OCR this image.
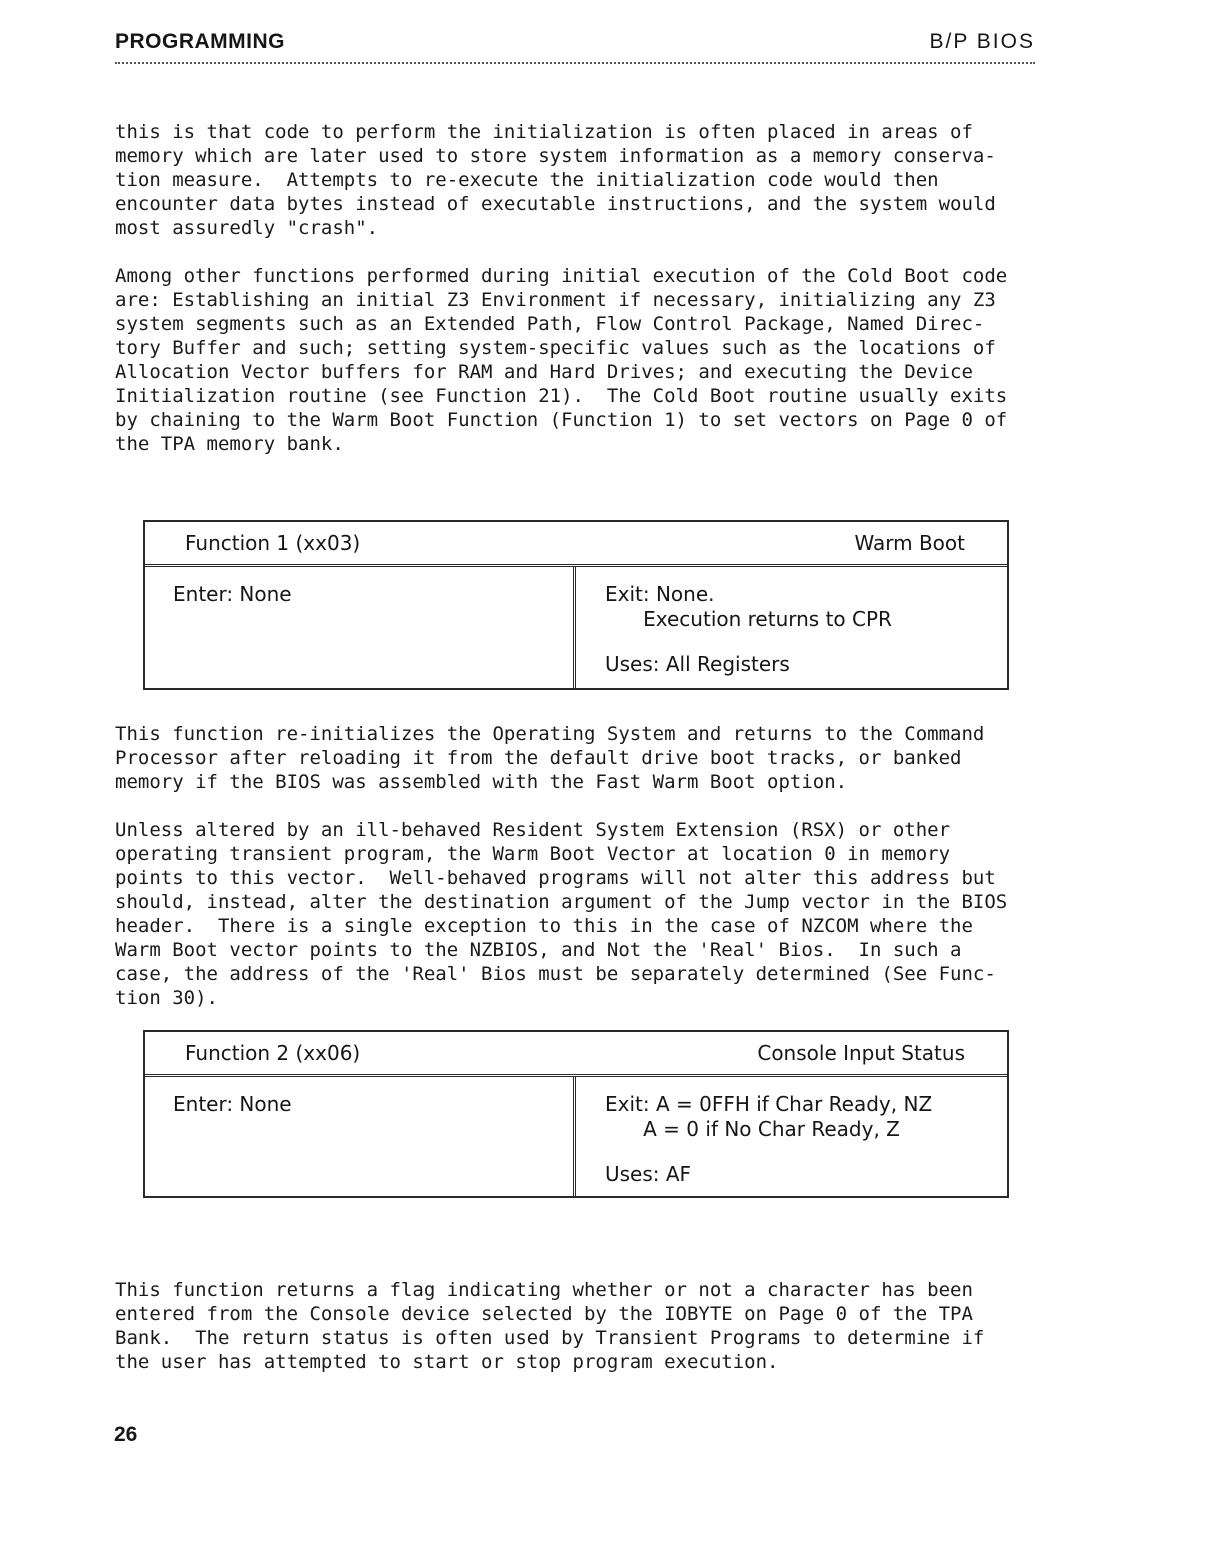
PROGRAMMING	B/P BIOS

this is that code to perform the initialization is often placed in areas of memory which are later used to store system information as a memory conserva-tion measure.  Attempts to re-execute the initialization code would then encounter data bytes instead of executable instructions, and the system would most assuredly "crash".

Among other functions performed during initial execution of the Cold Boot code are: Establishing an initial Z3 Environment if necessary, initializing any Z3 system segments such as an Extended Path, Flow Control Package, Named Direc-tory Buffer and such; setting system-specific values such as the locations of Allocation Vector buffers for RAM and Hard Drives; and executing the Device Initialization routine (see Function 21).  The Cold Boot routine usually exits by chaining to the Warm Boot Function (Function 1) to set vectors on Page 0 of the TPA memory bank.

Function 1 (xx03)	Warm Boot
Enter: None	Exit: None.
Execution returns to CPR
Uses: All Registers

This function re-initializes the Operating System and returns to the Command Processor after reloading it from the default drive boot tracks, or banked memory if the BIOS was assembled with the Fast Warm Boot option.

Unless altered by an ill-behaved Resident System Extension (RSX) or other operating transient program, the Warm Boot Vector at location 0 in memory points to this vector.  Well-behaved programs will not alter this address but should, instead, alter the destination argument of the Jump vector in the BIOS header.  There is a single exception to this in the case of NZCOM where the Warm Boot vector points to the NZBIOS, and Not the 'Real' Bios.  In such a case, the address of the 'Real' Bios must be separately determined (See Func-tion 30).

Function 2 (xx06)	Console Input Status
Enter: None	Exit: A = 0FFH if Char Ready, NZ
A = 0 if No Char Ready, Z
Uses: AF

This function returns a flag indicating whether or not a character has been entered from the Console device selected by the IOBYTE on Page 0 of the TPA Bank.  The return status is often used by Transient Programs to determine if the user has attempted to start or stop program execution.

26
